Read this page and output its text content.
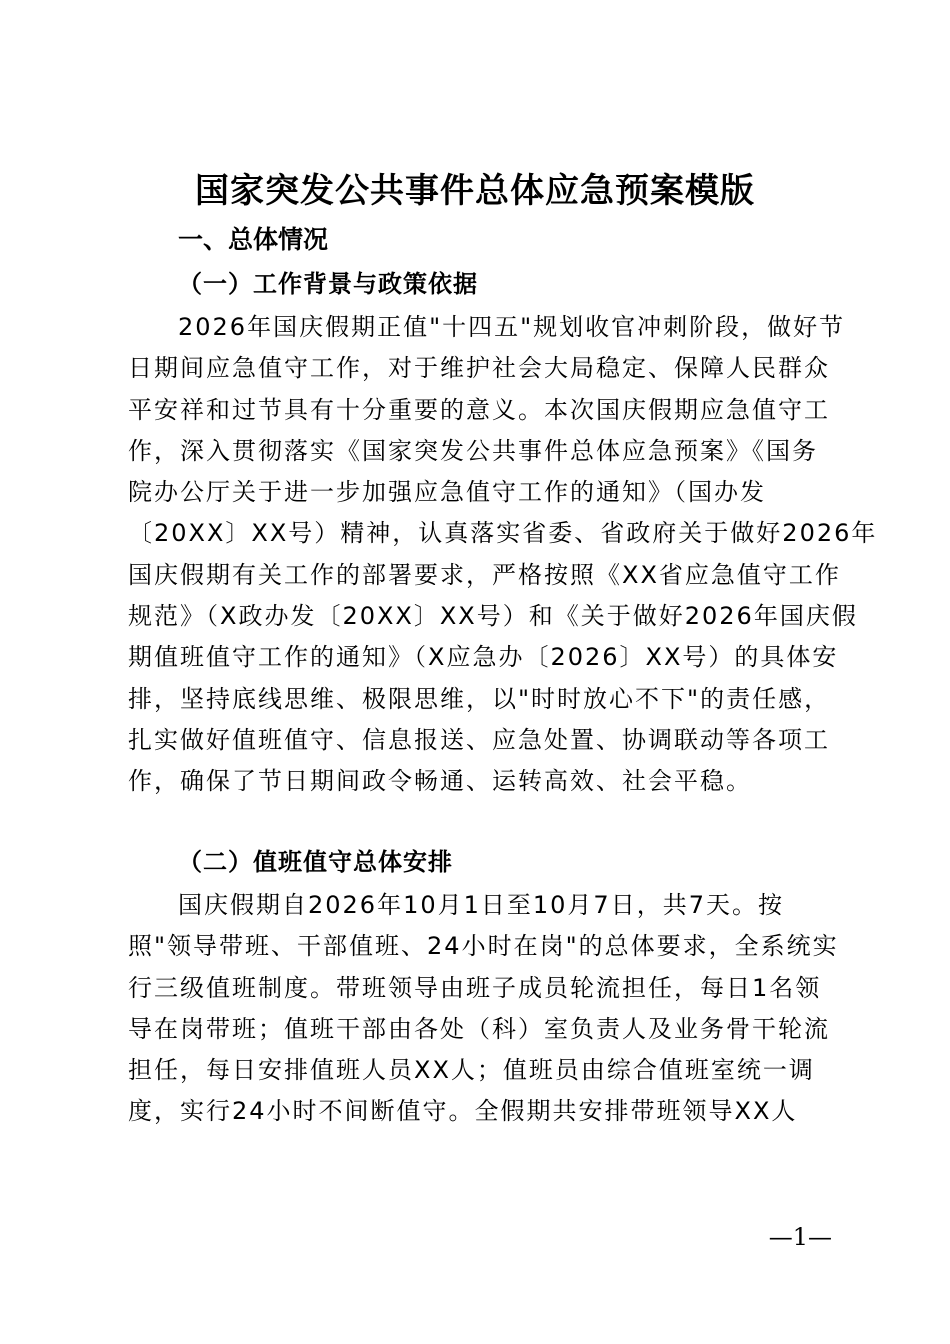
国家突发公共事件总体应急预案模版
一、总体情况
（一）工作背景与政策依据
2026年国庆假期正值"十四五"规划收官冲刺阶段，做好节
日期间应急值守工作，对于维护社会大局稳定、保障人民群众
平安祥和过节具有十分重要的意义。本次国庆假期应急值守工
作，深入贯彻落实《国家突发公共事件总体应急预案》《国务
院办公厅关于进一步加强应急值守工作的通知》（国办发
〔20XX〕XX号）精神，认真落实省委、省政府关于做好2026年
国庆假期有关工作的部署要求，严格按照《XX省应急值守工作
规范》（X政办发〔20XX〕XX号）和《关于做好2026年国庆假
期值班值守工作的通知》（X应急办〔2026〕XX号）的具体安
排，坚持底线思维、极限思维，以"时时放心不下"的责任感，
扎实做好值班值守、信息报送、应急处置、协调联动等各项工
作，确保了节日期间政令畅通、运转高效、社会平稳。
（二）值班值守总体安排
国庆假期自2026年10月1日至10月7日，共7天。按
照"领导带班、干部值班、24小时在岗"的总体要求，全系统实
行三级值班制度。带班领导由班子成员轮流担任，每日1名领
导在岗带班；值班干部由各处（科）室负责人及业务骨干轮流
担任，每日安排值班人员XX人；值班员由综合值班室统一调
度，实行24小时不间断值守。全假期共安排带班领导XX人
—1—
